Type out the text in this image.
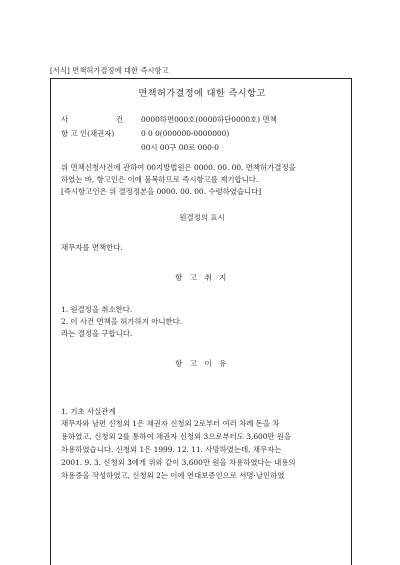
[서식] 면책허가결정에 대한 즉시항고
면책허가결정에 대한 즉시항고
사 건 0000하면000호(0000하단0000호) 면책
항 고 인(채권자)	0 0 0(000000-0000000)
00시 00구 00로 000-0
위 면책신청사건에 관하여 00지방법원은 0000. 00. 00. 면책허가결정을
하였는 바, 항고인은 이에 불복하므로 즉시항고를 제기합니다.
[즉시항고인은 위 결정정본을 0000. 00. 00. 수령하였습니다]
원결정의 표시
채무자를 면책한다.
항 고 취 지
1. 원결정을 취소한다.
2. 이 사건 면책을 허가하지 아니한다.
라는 결정을 구합니다.
항 고 이 유
1. 기초 사실관계
채무자와 남편 신청외 1은 채권자 신청외 2로부터 여러 차례 돈을 차
용하였고, 신청외 2를 통하여 채권자 신청외 3으로부터도 3,600만 원을
차용하였습니다. 신청외 1은 1999. 12. 11. 사망하였는데, 채무자는
2001. 9. 3. 신청외 3에게 위와 같이 3,600만 원을 차용하였다는 내용의
차용증을 작성하였고, 신청외 2는 이에 연대보증인으로 서명·날인하였
